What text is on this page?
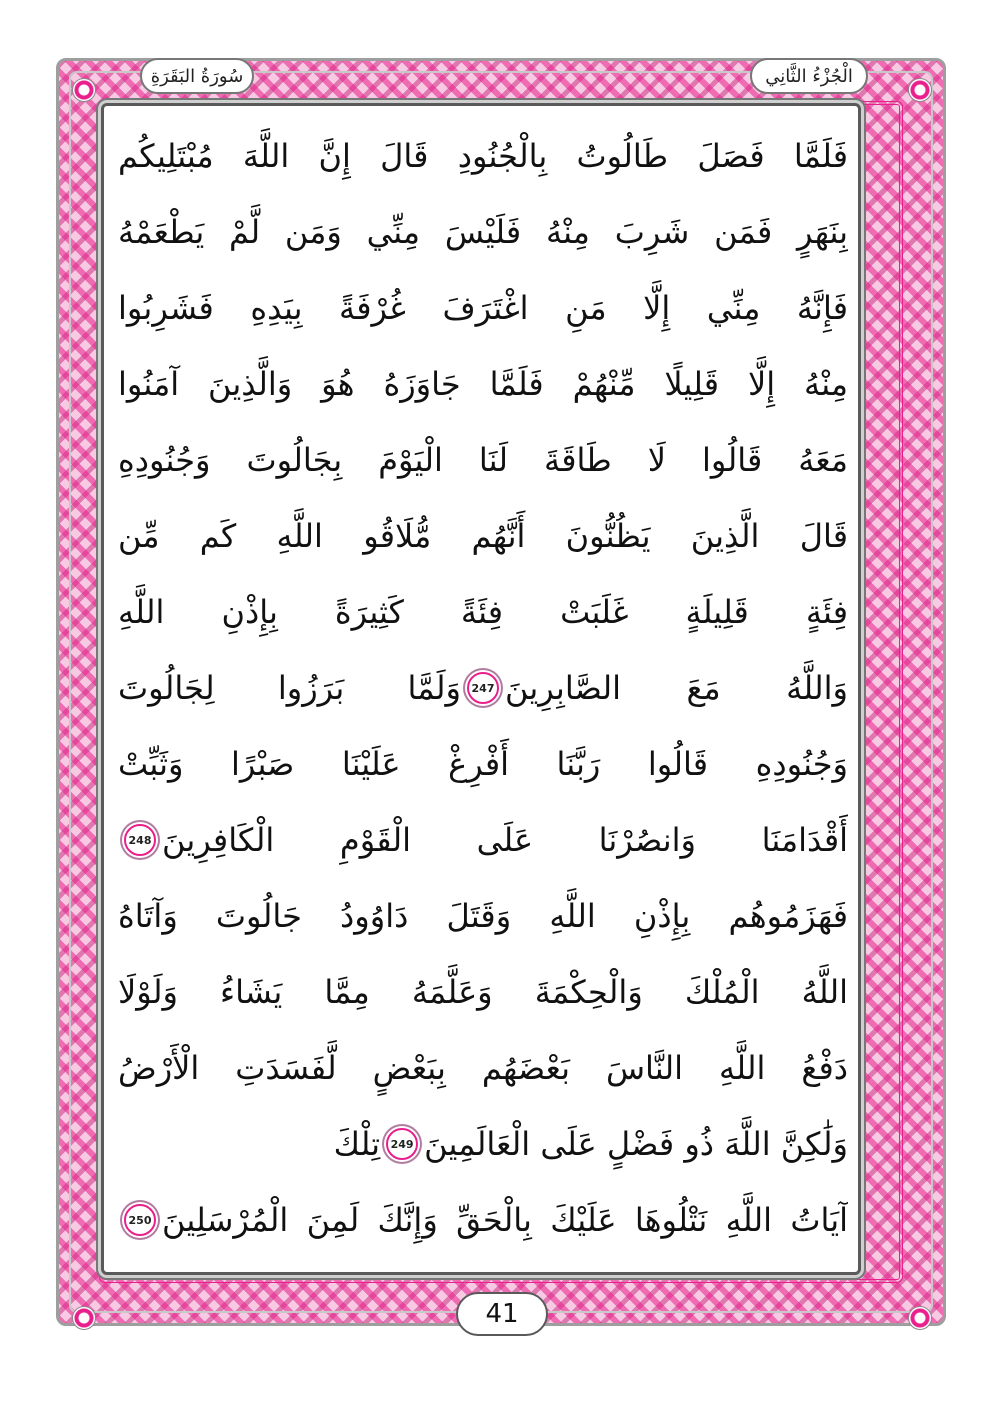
سُورَةُ البَقَرَةِ	الْجُزْءُ الثَّانِي
فَلَمَّا فَصَلَ طَالُوتُ بِالْجُنُودِ قَالَ إِنَّ اللَّهَ مُبْتَلِيكُم
بِنَهَرٍ فَمَن شَرِبَ مِنْهُ فَلَيْسَ مِنِّي وَمَن لَّمْ يَطْعَمْهُ
فَإِنَّهُ مِنِّي إِلَّا مَنِ اغْتَرَفَ غُرْفَةً بِيَدِهِ فَشَرِبُوا
مِنْهُ إِلَّا قَلِيلًا مِّنْهُمْ فَلَمَّا جَاوَزَهُ هُوَ وَالَّذِينَ آمَنُوا
مَعَهُ قَالُوا لَا طَاقَةَ لَنَا الْيَوْمَ بِجَالُوتَ وَجُنُودِهِ
قَالَ الَّذِينَ يَظُنُّونَ أَنَّهُم مُّلَاقُو اللَّهِ كَم مِّن
فِئَةٍ قَلِيلَةٍ غَلَبَتْ فِئَةً كَثِيرَةً بِإِذْنِ اللَّهِ
وَاللَّهُ مَعَ الصَّابِرِينَ
247
وَلَمَّا بَرَزُوا لِجَالُوتَ
وَجُنُودِهِ قَالُوا رَبَّنَا أَفْرِغْ عَلَيْنَا صَبْرًا وَثَبِّتْ
أَقْدَامَنَا وَانصُرْنَا عَلَى الْقَوْمِ الْكَافِرِينَ
248
فَهَزَمُوهُم بِإِذْنِ اللَّهِ وَقَتَلَ دَاوُودُ جَالُوتَ وَآتَاهُ
اللَّهُ الْمُلْكَ وَالْحِكْمَةَ وَعَلَّمَهُ مِمَّا يَشَاءُ وَلَوْلَا
دَفْعُ اللَّهِ النَّاسَ بَعْضَهُم بِبَعْضٍ لَّفَسَدَتِ الْأَرْضُ
وَلَٰكِنَّ اللَّهَ ذُو فَضْلٍ عَلَى الْعَالَمِينَ
249
تِلْكَ
آيَاتُ اللَّهِ نَتْلُوهَا عَلَيْكَ بِالْحَقِّ وَإِنَّكَ لَمِنَ الْمُرْسَلِينَ
250
41
